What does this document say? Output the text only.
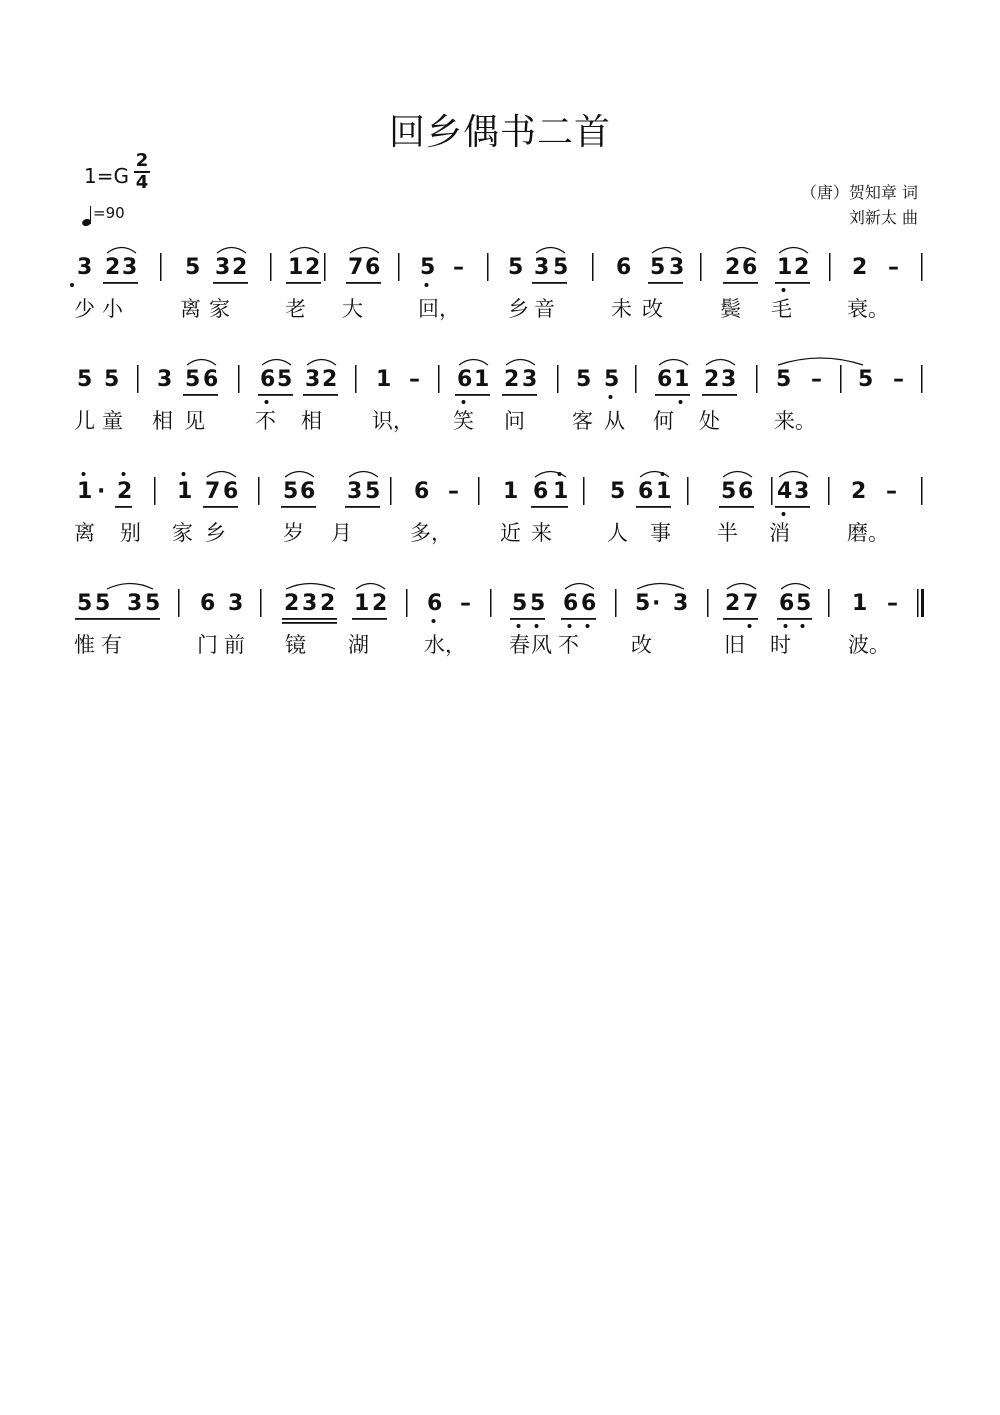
回乡偶书二首
1=G
2
4
=90
（唐）贺知章 词
刘新太 曲
3 2 3 5 3 2 1 2 7 6 5 – 5 3 5 6 5 3 2 6 1 2 2 –
少 小	离 家	老 大	回， 乡 音	未 改	鬓 毛	衰。
5 5 3 5 6 6 5 3 2 1 – 6 1 2 3 5 5 6 1 2 3 5 – 5 –
儿 童 相 见 不 相 识， 笑 问 客 从 何 处	来。
1 · 2 1 7 6 5 6 3 5 6 – 1 6 1 5 6 1 5 6 4 3 2 –
离 别 家 乡	岁 月	多， 近 来	人 事 半 消	磨。
5 5 3 5 6 3 2 3 2 1 2 6 – 5 5 6 6 5 · 3 2 7 6 5 1 –
惟 有	门 前 镜 湖	水， 春 风 不 改	旧 时	波。
